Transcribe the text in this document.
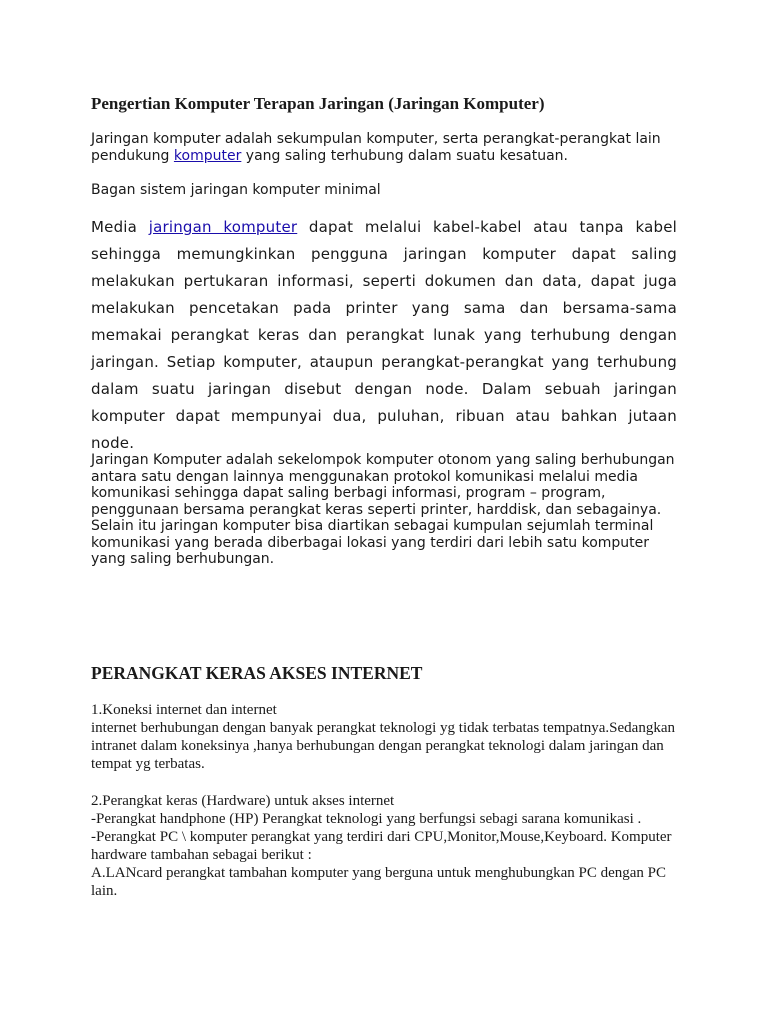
Pengertian Komputer Terapan Jaringan (Jaringan Komputer)

Jaringan komputer adalah sekumpulan komputer, serta perangkat-perangkat lain pendukung komputer yang saling terhubung dalam suatu kesatuan.

Bagan sistem jaringan komputer minimal

Media jaringan komputer dapat melalui kabel-kabel atau tanpa kabel sehingga memungkinkan pengguna jaringan komputer dapat saling melakukan pertukaran informasi, seperti dokumen dan data, dapat juga melakukan pencetakan pada printer yang sama dan bersama-sama memakai perangkat keras dan perangkat lunak yang terhubung dengan jaringan. Setiap komputer, ataupun perangkat-perangkat yang terhubung dalam suatu jaringan disebut dengan node. Dalam sebuah jaringan komputer dapat mempunyai dua, puluhan, ribuan atau bahkan jutaan node.

Jaringan Komputer adalah sekelompok komputer otonom yang saling berhubungan
antara satu dengan lainnya menggunakan protokol komunikasi melalui media
komunikasi sehingga dapat saling berbagi informasi, program – program,
penggunaan bersama perangkat keras seperti printer, harddisk, dan sebagainya.
Selain itu jaringan komputer bisa diartikan sebagai kumpulan sejumlah terminal
komunikasi yang berada diberbagai lokasi yang terdiri dari lebih satu komputer
yang saling berhubungan.

PERANGKAT KERAS AKSES INTERNET

1.Koneksi internet dan internet
internet berhubungan dengan banyak perangkat teknologi yg tidak terbatas tempatnya.Sedangkan
intranet dalam koneksinya ,hanya berhubungan dengan perangkat teknologi dalam jaringan dan
tempat yg terbatas.

2.Perangkat keras (Hardware) untuk akses internet
-Perangkat handphone (HP) Perangkat teknologi yang berfungsi sebagi sarana komunikasi .
-Perangkat PC \ komputer perangkat yang terdiri dari CPU,Monitor,Mouse,Keyboard. Komputer
hardware tambahan sebagai berikut :
A.LANcard perangkat tambahan komputer yang berguna untuk menghubungkan PC dengan PC
lain.
